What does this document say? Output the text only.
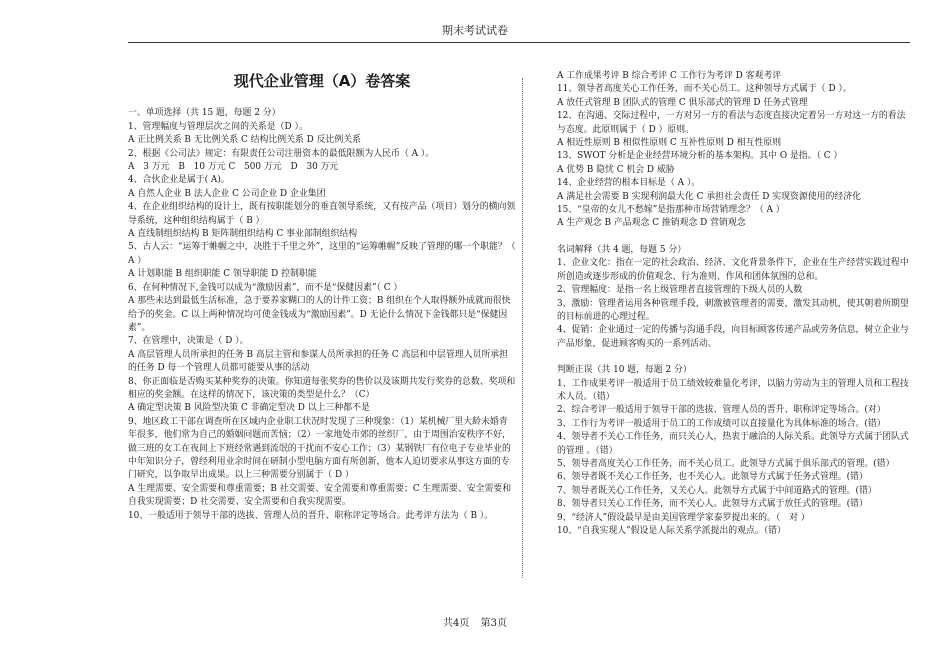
期末考试试卷
现代企业管理（A）卷答案
一、单项选择（共 15 题，每题 2 分）
1、管理幅度与管理层次之间的关系是（D ）。
A 正比例关系 B 无比例关系 C 结构比例关系 D 反比例关系
2、根据《公司法》规定：有限责任公司注册资本的最低限额为人民币（ A ）。
A　3 万元　B　10 万元 C　500 万元　D　30 万元
4、合伙企业是属于( A)。
A 自然人企业 B 法人企业 C 公司企业 D 企业集团
4、在企业组织结构的设计上，既有按职能划分的垂直领导系统，又有按产品（项目）划分的横向领导系统，这种组织结构属于（ B ）
A 直线制组织结构 B 矩阵制组织结构 C 事业部制组织结构
5、古人云：“运筹于帷幄之中，决胜于千里之外”，这里的“运筹帷幄”反映了管理的哪一个职能？（ A ）
A 计划职能 B 组织职能 C 领导职能 D 控制职能
6、在何种情况下,金钱可以成为“激励因素”，而不是“保健因素”（ C ）
A 那些未达到最低生活标准，急于要养家糊口的人的计件工资；B 组织在个人取得额外成就而很快给予的奖金。C 以上两种情况均可使金钱成为“激励因素”。D 无论什么情况下金钱都只是“保健因素”。
7、在管理中，决策是（ D ）。
A 高层管理人员所承担的任务 B 高层主管和参谋人员所承担的任务 C 高层和中层管理人员所承担的任务 D 每一个管理人员都可能要从事的活动
8、你正面临是否购买某种奖券的决策。你知道每张奖券的售价以及该期共发行奖券的总数、奖项和相应的奖金额。在这样的情况下，该决策的类型是什么？（C）
A 确定型决策 B 风险型决策 C 非确定型决 D 以上三种都不是
9、地区政工干部在调查所在区域内企业职工状况时发现了三种现象：（1）某机械厂里大龄未婚青年很多，他们常为自己的婚姻问题而苦恼；（2）一家地处市郊的丝织厂，由于周围治安秩序不好，做三班的女工在夜间上下班经常遇到流氓的干扰而不安心工作；（3）某钢铁厂有位电子专业毕业的中年知识分子，曾经利用业余时间在研制小型电脑方面有所创新，他本人迫切要求从事这方面的专门研究，以争取早出成果。以上三种需要分别属于（ D ）
A 生理需要、安全需要和尊重需要；B 社交需要、安全需要和尊重需要；C 生理需要、安全需要和自我实现需要；D 社交需要、安全需要和自我实现需要。
10、一般适用于领导干部的选拔、管理人员的晋升、职称评定等场合。此考评方法为（ B ）。
A 工作成果考评 B 综合考评 C 工作行为考评 D 客观考评
11、领导者高度关心工作任务，而不关心员工。这种领导方式属于（ D ）。
A 放任式管理 B 团队式的管理 C 俱乐部式的管理 D 任务式管理
12、在沟通、交际过程中，一方对另一方的看法与态度直接决定着另一方对这一方的看法与态度。此原则属于（ D ）原则。
A 相近性原则 B 相似性原则 C 互补性原则 D 相互性原则
13、SWOT 分析是企业经营环境分析的基本架构。其中 O 是指。（ C ）
A 优势 B 隐忧 C 机会 D 威胁
14、企业经营的根本目标是（ A ）。
A 满足社会需要 B 实现利润最大化 C 承担社会责任 D 实现资源使用的经济化
15、“皇帝的女儿不愁嫁”是指那种市场营销理念？（ A ）
A 生产观念 B 产品观念 C 推销观念 D 营销观念
名词解释（共 4 题，每题 5 分）
1、企业文化：指在一定的社会政治、经济、文化背景条件下，企业在生产经营实践过程中所创造或逐步形成的价值观念、行为准则、作风和团体氛围的总和。
2、管理幅度：是指一名上级管理者直接管理的下级人员的人数
3、激励：管理者运用各种管理手段，刺激被管理者的需要，激发其动机，使其朝着所期望的目标前进的心理过程。
4、促销：企业通过一定的传播与沟通手段，向目标顾客传递产品或劳务信息，树立企业与产品形象，促进顾客购买的一系列活动。
判断正误（共 10 题，每题 2 分）
1、工作成果考评一般适用于员工绩效较难量化考评，以脑力劳动为主的管理人员和工程技术人员。（错）
2、综合考评一般适用于领导干部的选拔、管理人员的晋升、职称评定等场合。(对）
3、工作行为考评一般适用于员工的工作成绩可以直接量化为具体标准的场合。(错）
4、领导者不关心工作任务，而只关心人，热衷于融洽的人际关系。此领导方式属于团队式的管理 。（错）
5、领导者高度关心工作任务，而不关心员工。此领导方式属于俱乐部式的管理。(错）
6、领导者既不关心工作任务，也不关心人。此领导方式属于任务式管理。(错）
7、领导者既关心工作任务，又关心人。此领导方式属于中间道路式的管理。(错）
8、领导者只关心工作任务，而不关心人。此领导方式属于放任式的管理。(错）
9、“经济人”假设最早是由美国管理学家泰罗提出来的。（　对 ）
10、“自我实现人”假设是人际关系学派提出的观点。（错）
共4页 第3页
